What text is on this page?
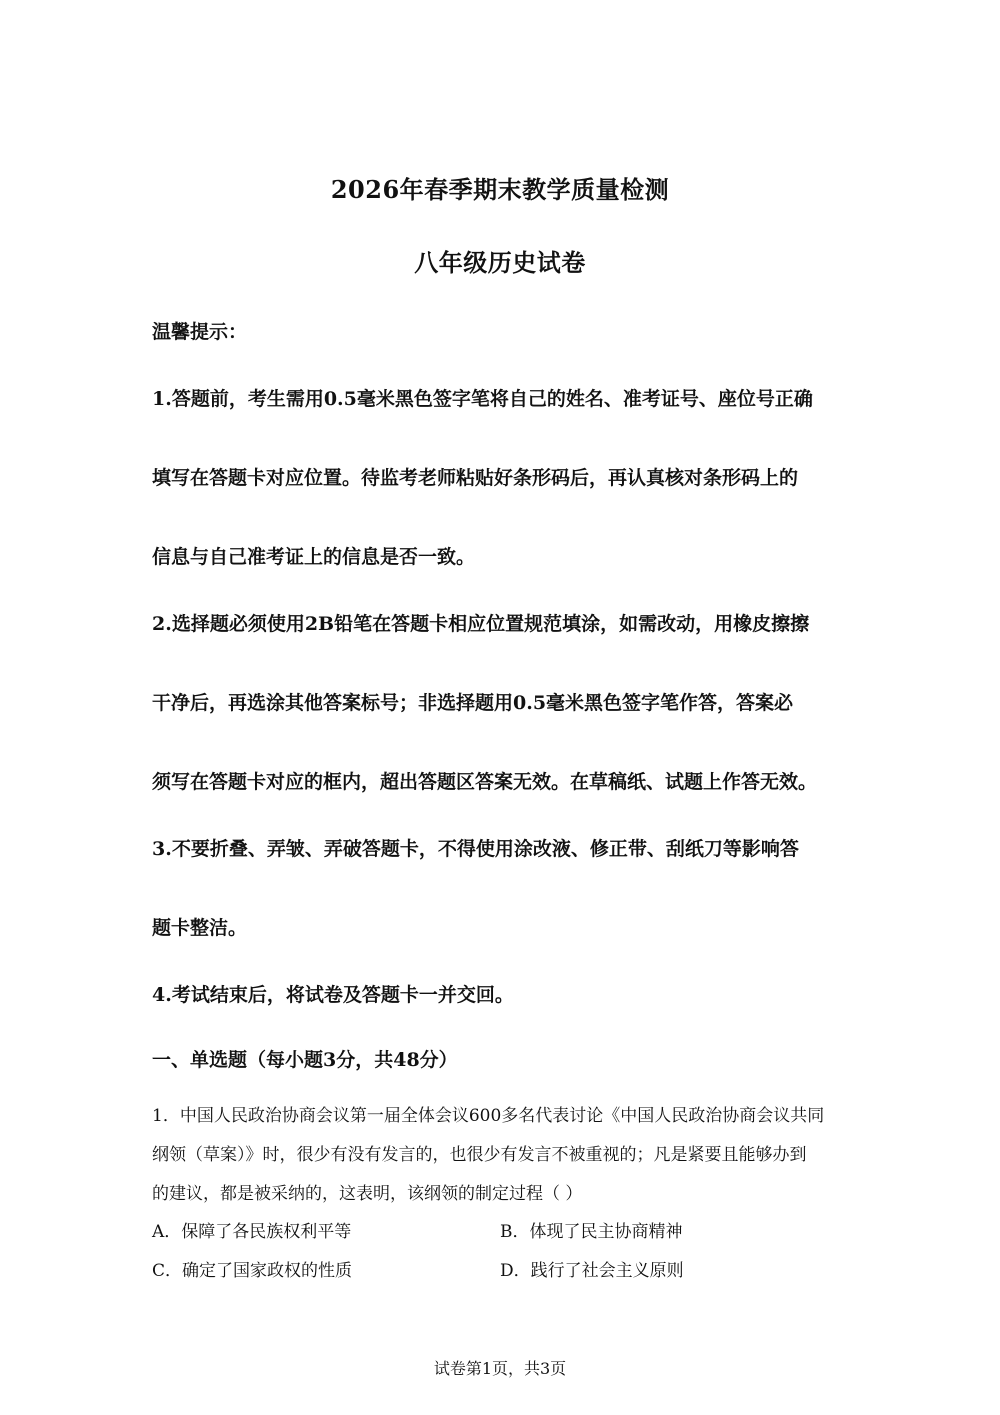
2026年春季期末教学质量检测
八年级历史试卷
温馨提示：
1.答题前，考生需用0.5毫米黑色签字笔将自己的姓名、准考证号、座位号正确
填写在答题卡对应位置。待监考老师粘贴好条形码后，再认真核对条形码上的
信息与自己准考证上的信息是否一致。
2.选择题必须使用2B铅笔在答题卡相应位置规范填涂，如需改动，用橡皮擦擦
干净后，再选涂其他答案标号；非选择题用0.5毫米黑色签字笔作答，答案必
须写在答题卡对应的框内，超出答题区答案无效。在草稿纸、试题上作答无效。
3.不要折叠、弄皱、弄破答题卡，不得使用涂改液、修正带、刮纸刀等影响答
题卡整洁。
4.考试结束后，将试卷及答题卡一并交回。
一、单选题（每小题3分，共48分）
1．中国人民政治协商会议第一届全体会议600多名代表讨论《中国人民政治协商会议共同
纲领（草案）》时，很少有没有发言的，也很少有发言不被重视的；凡是紧要且能够办到
的建议，都是被采纳的，这表明，该纲领的制定过程（ ）
A．保障了各民族权利平等	B．体现了民主协商精神
C．确定了国家政权的性质	D．践行了社会主义原则
试卷第1页，共3页
